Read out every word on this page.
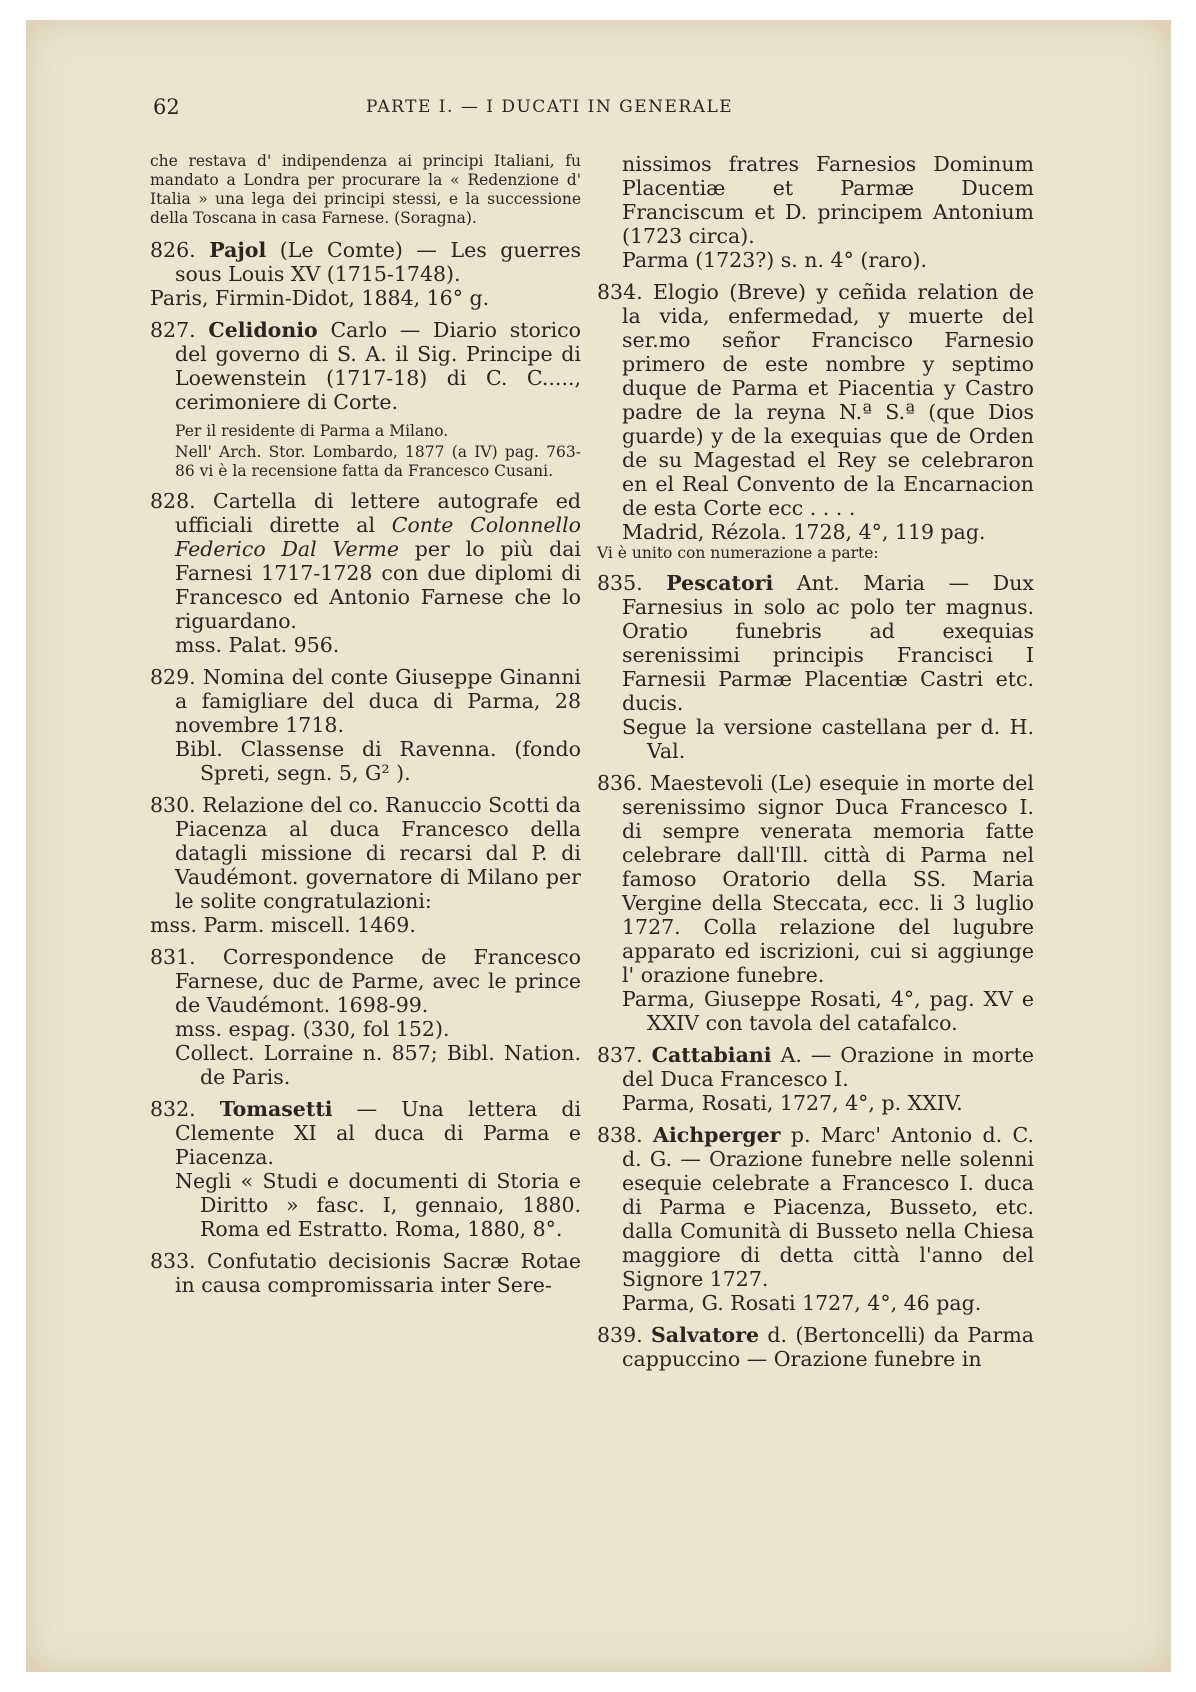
62	PARTE I. — I DUCATI IN GENERALE

che restava d' indipendenza ai principi Italiani, fu mandato a Londra per procurare la « Redenzione d' Italia » una lega dei principi stessi, e la successione della Toscana in casa Farnese. (Soragna).

826. Pajol (Le Comte) — Les guerres sous Louis XV (1715-1748).
Paris, Firmin-Didot, 1884, 16° g.
827. Celidonio Carlo — Diario storico del governo di S. A. il Sig. Principe di Loewenstein (1717-18) di C. C....., cerimoniere di Corte.
Per il residente di Parma a Milano.
Nell' Arch. Stor. Lombardo, 1877 (a IV) pag. 763-86 vi è la recensione fatta da Francesco Cusani.
828. Cartella di lettere autografe ed ufficiali dirette al Conte Colonnello Federico Dal Verme per lo più dai Farnesi 1717-1728 con due diplomi di Francesco ed Antonio Farnese che lo riguardano.
mss. Palat. 956.
829. Nomina del conte Giuseppe Ginanni a famigliare del duca di Parma, 28 novembre 1718.
Bibl. Classense di Ravenna. (fondo Spreti, segn. 5, G² ).
830. Relazione del co. Ranuccio Scotti da Piacenza al duca Francesco della datagli missione di recarsi dal P. di Vaudémont. governatore di Milano per le solite congratulazioni:
mss. Parm. miscell. 1469.
831. Correspondence de Francesco Farnese, duc de Parme, avec le prince de Vaudémont. 1698-99.
mss. espag. (330, fol 152).
Collect. Lorraine n. 857; Bibl. Nation. de Paris.
832. Tomasetti — Una lettera di Clemente XI al duca di Parma e Piacenza.
Negli « Studi e documenti di Storia e Diritto » fasc. I, gennaio, 1880. Roma ed Estratto. Roma, 1880, 8°.
833. Confutatio decisionis Sacræ Rotae in causa compromissaria inter Sere-
nissimos fratres Farnesios Dominum Placentiæ et Parmæ Ducem Franciscum et D. principem Antonium (1723 circa).
Parma (1723?) s. n. 4° (raro).
834. Elogio (Breve) y ceñida relation de la vida, enfermedad, y muerte del ser.mo señor Francisco Farnesio primero de este nombre y septimo duque de Parma et Piacentia y Castro padre de la reyna N.ª S.ª (que Dios guarde) y de la exequias que de Orden de su Magestad el Rey se celebraron en el Real Convento de la Encarnacion de esta Corte ecc . . . .
Madrid, Rézola. 1728, 4°, 119 pag.
Vi è unito con numerazione a parte:
835. Pescatori Ant. Maria — Dux Farnesius in solo ac polo ter magnus. Oratio funebris ad exequias serenissimi principis Francisci I Farnesii Parmæ Placentiæ Castri etc. ducis.
Segue la versione castellana per d. H. Val.
836. Maestevoli (Le) esequie in morte del serenissimo signor Duca Francesco I. di sempre venerata memoria fatte celebrare dall'Ill. città di Parma nel famoso Oratorio della SS. Maria Vergine della Steccata, ecc. li 3 luglio 1727. Colla relazione del lugubre apparato ed iscrizioni, cui si aggiunge l' orazione funebre.
Parma, Giuseppe Rosati, 4°, pag. XV e XXIV con tavola del catafalco.
837. Cattabiani A. — Orazione in morte del Duca Francesco I.
Parma, Rosati, 1727, 4°, p. XXIV.
838. Aichperger p. Marc' Antonio d. C. d. G. — Orazione funebre nelle solenni esequie celebrate a Francesco I. duca di Parma e Piacenza, Busseto, etc. dalla Comunità di Busseto nella Chiesa maggiore di detta città l'anno del Signore 1727.
Parma, G. Rosati 1727, 4°, 46 pag.
839. Salvatore d. (Bertoncelli) da Parma cappuccino — Orazione funebre in
